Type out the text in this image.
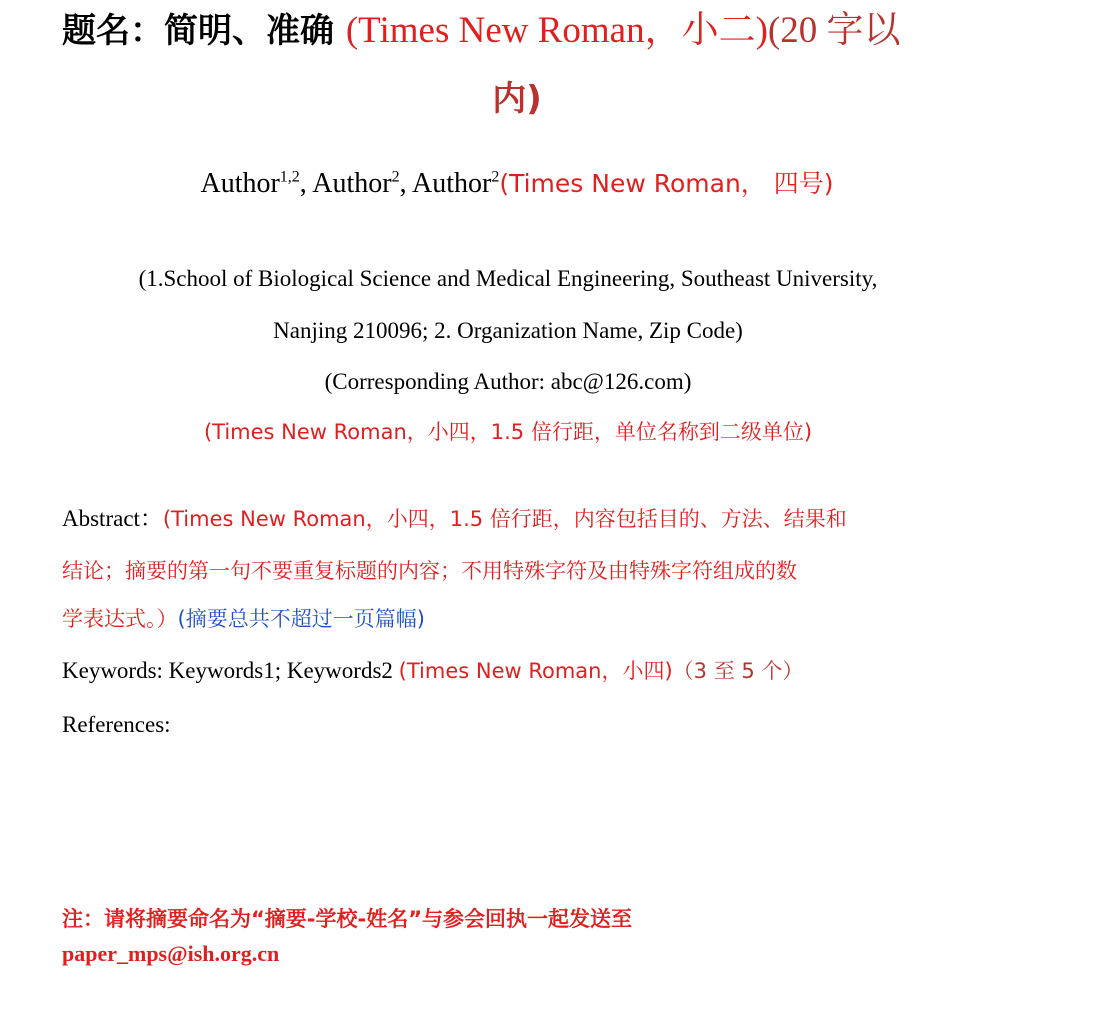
题名：简明、准确 (Times New Roman，小二)(20 字以
内)
Author$^{1,2}$, Author$^2$, Author$^2$(Times New Roman， 四号)
(1.School of Biological Science and Medical Engineering, Southeast University,
Nanjing 210096; 2. Organization Name, Zip Code)
(Corresponding Author: abc@126.com)
(Times New Roman，小四，1.5 倍行距，单位名称到二级单位)
Abstract：(Times New Roman，小四，1.5 倍行距，内容包括目的、方法、结果和
结论；摘要的第一句不要重复标题的内容；不用特殊字符及由特殊字符组成的数
学表达式。）(摘要总共不超过一页篇幅)
Keywords: Keywords1; Keywords2 (Times New Roman，小四)（3 至 5 个）
References:
注：请将摘要命名为“摘要-学校-姓名”与参会回执一起发送至
paper_mps@ish.org.cn
